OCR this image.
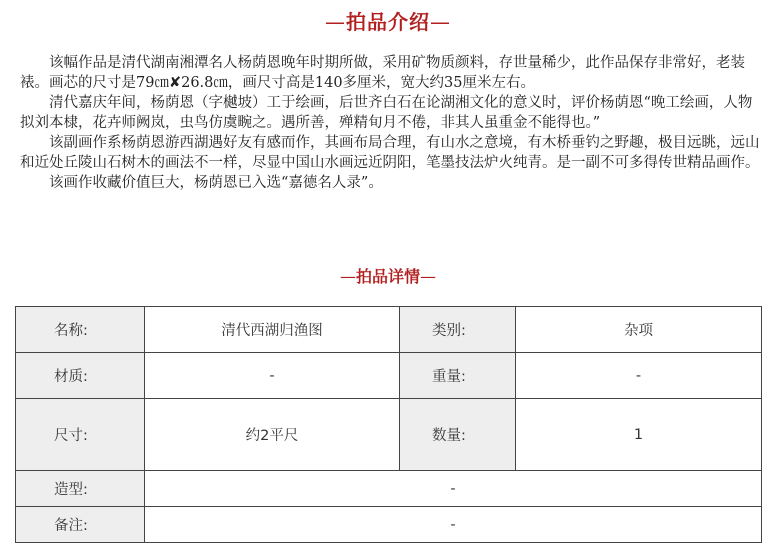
—拍品介绍—

该幅作品是清代湖南湘潭名人杨荫恩晚年时期所做，采用矿物质颜料，存世量稀少，此作品保存非常好，老装裱。画芯的尺寸是79㎝✘26.8㎝，画尺寸高是140多厘米，宽大约35厘米左右。

清代嘉庆年间，杨荫恩（字樾坡）工于绘画，后世齐白石在论湖湘文化的意义时，评价杨荫恩“晚工绘画，人物拟刘本棣，花卉师阙岚，虫鸟仿虞畹之。遇所善，殚精旬月不倦，非其人虽重金不能得也。”

该副画作系杨荫恩游西湖遇好友有感而作，其画布局合理，有山水之意境，有木桥垂钓之野趣，极目远眺，远山和近处丘陵山石树木的画法不一样，尽显中国山水画远近阴阳，笔墨技法炉火纯青。是一副不可多得传世精品画作。

该画作收藏价值巨大，杨荫恩已入选“嘉德名人录”。

—拍品详情—
名称:	清代西湖归渔图	类别:	杂项
材质:	-	重量:	-
尺寸:	约2平尺	数量:	1
造型:	-		
备注:	-		
